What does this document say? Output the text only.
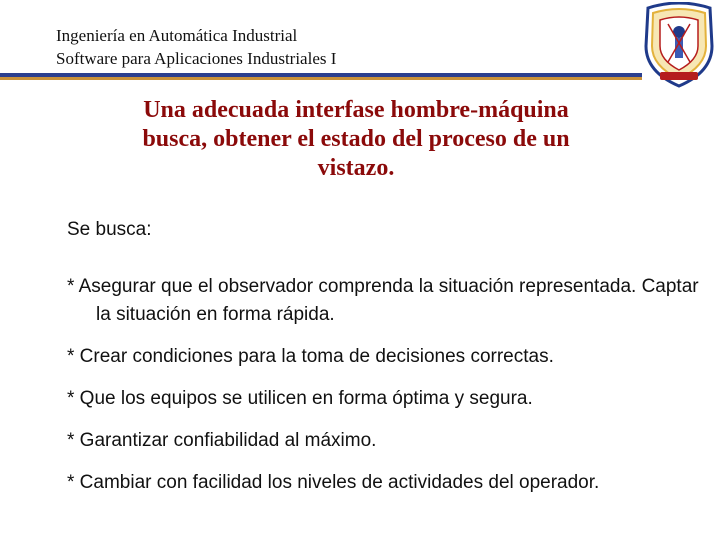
Ingeniería en Automática Industrial
Software para Aplicaciones Industriales I
Una adecuada interfase hombre-máquina
busca, obtener el estado del proceso de un
vistazo.
Se busca:
* Asegurar que el observador comprenda la situación representada. Captar la situación en forma rápida.
* Crear condiciones para la toma de decisiones correctas.
* Que los equipos se utilicen en forma óptima y segura.
* Garantizar confiabilidad al máximo.
* Cambiar con facilidad los niveles de actividades del operador.
